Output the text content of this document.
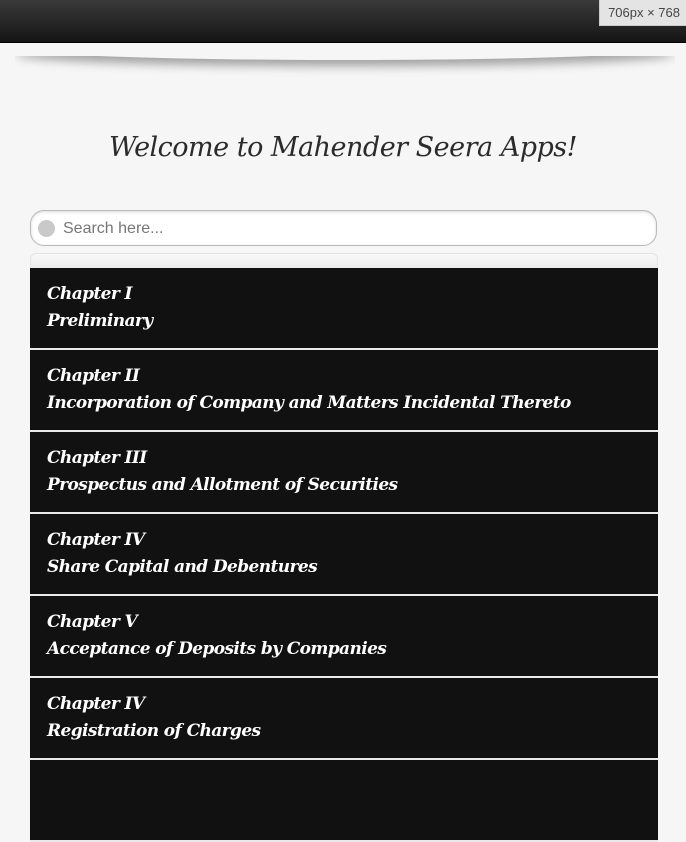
706px × 768
Welcome to Mahender Seera Apps!
Search here...
Chapter I
Preliminary
Chapter II
Incorporation of Company and Matters Incidental Thereto
Chapter III
Prospectus and Allotment of Securities
Chapter IV
Share Capital and Debentures
Chapter V
Acceptance of Deposits by Companies
Chapter IV
Registration of Charges
